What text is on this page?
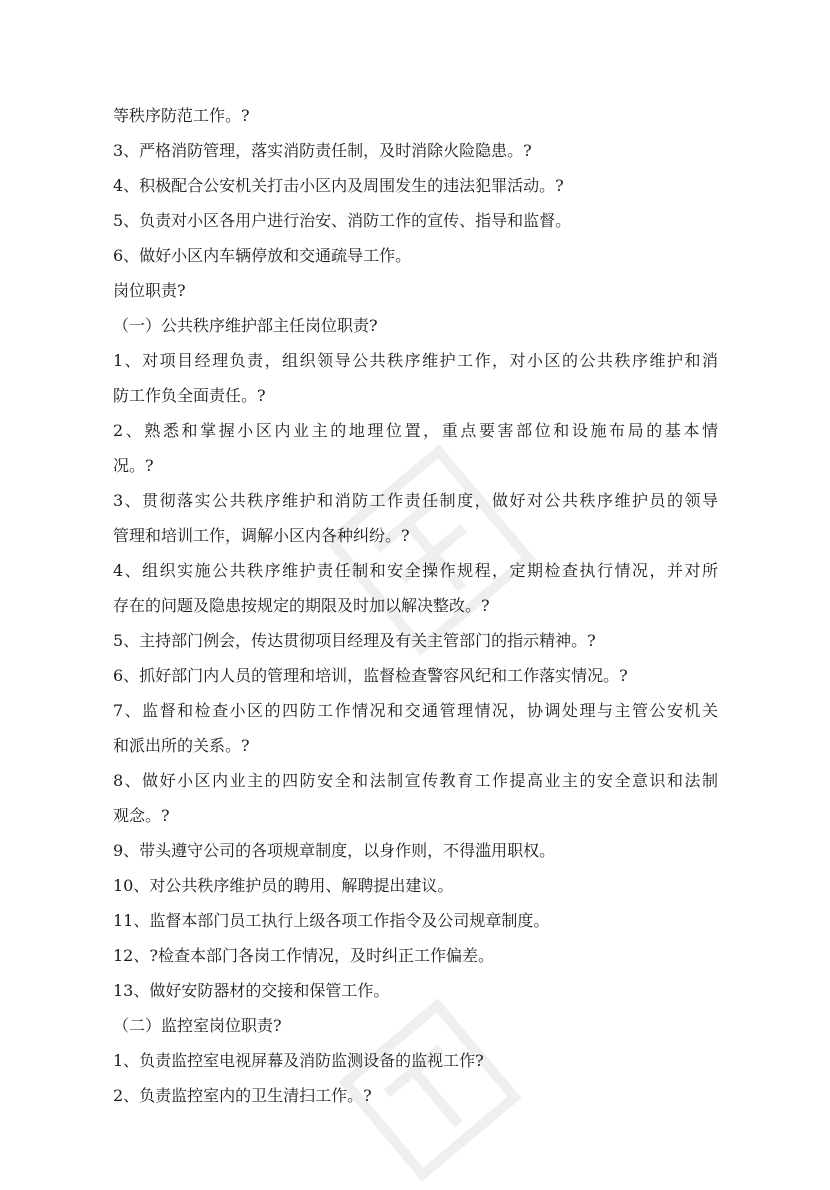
等秩序防范工作。?
3、严格消防管理，落实消防责任制，及时消除火险隐患。?
4、积极配合公安机关打击小区内及周围发生的违法犯罪活动。?
5、负责对小区各用户进行治安、消防工作的宣传、指导和监督。
6、做好小区内车辆停放和交通疏导工作。
岗位职责?
（一）公共秩序维护部主任岗位职责?
1、对项目经理负责，组织领导公共秩序维护工作，对小区的公共秩序维护和消
防工作负全面责任。?
2、熟悉和掌握小区内业主的地理位置，重点要害部位和设施布局的基本情
况。?
3、贯彻落实公共秩序维护和消防工作责任制度，做好对公共秩序维护员的领导
管理和培训工作，调解小区内各种纠纷。?
4、组织实施公共秩序维护责任制和安全操作规程，定期检查执行情况，并对所
存在的问题及隐患按规定的期限及时加以解决整改。?
5、主持部门例会，传达贯彻项目经理及有关主管部门的指示精神。?
6、抓好部门内人员的管理和培训，监督检查警容风纪和工作落实情况。?
7、监督和检查小区的四防工作情况和交通管理情况，协调处理与主管公安机关
和派出所的关系。?
8、做好小区内业主的四防安全和法制宣传教育工作提高业主的安全意识和法制
观念。?
9、带头遵守公司的各项规章制度，以身作则，不得滥用职权。
10、对公共秩序维护员的聘用、解聘提出建议。
11、监督本部门员工执行上级各项工作指令及公司规章制度。
12、?检查本部门各岗工作情况，及时纠正工作偏差。
13、做好安防器材的交接和保管工作。
（二）监控室岗位职责?
1、负责监控室电视屏幕及消防监测设备的监视工作?
2、负责监控室内的卫生清扫工作。?
